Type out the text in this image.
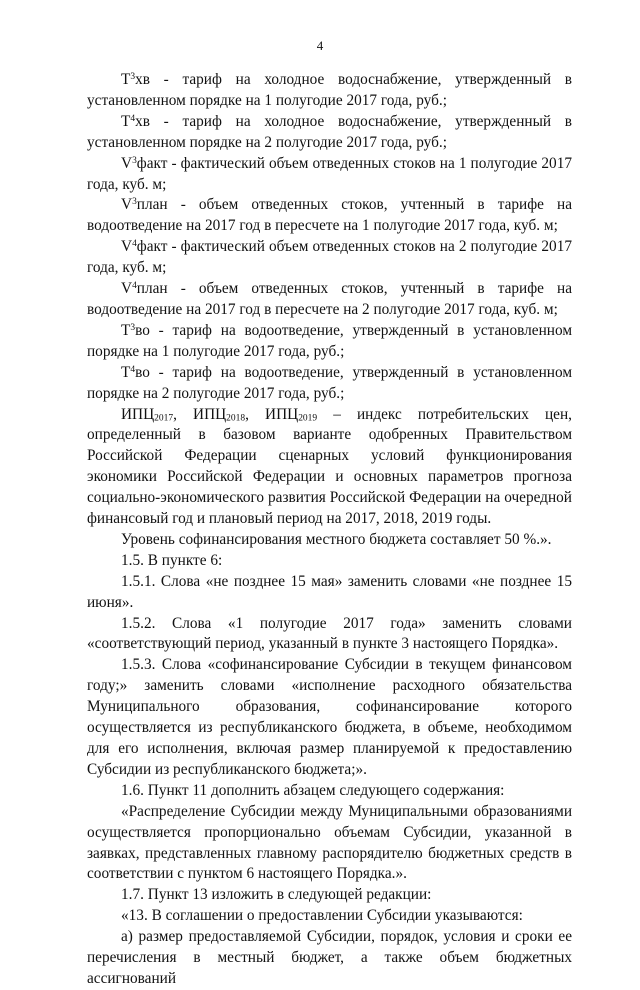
4

$T^3хв$ - тариф на холодное водоснабжение, утвержденный в установленном порядке на 1 полугодие 2017 года, руб.;

$T^4хв$ - тариф на холодное водоснабжение, утвержденный в установленном порядке на 2 полугодие 2017 года, руб.;

$V^3факт$ - фактический объем отведенных стоков на 1 полугодие 2017 года, куб. м;

$V^3план$ - объем отведенных стоков, учтенный в тарифе на водоотведение на 2017 год в пересчете на 1 полугодие 2017 года, куб. м;

$V^4факт$ - фактический объем отведенных стоков на 2 полугодие 2017 года, куб. м;

$V^4план$ - объем отведенных стоков, учтенный в тарифе на водоотведение на 2017 год в пересчете на 2 полугодие 2017 года, куб. м;

$T^3во$ - тариф на водоотведение, утвержденный в установленном порядке на 1 полугодие 2017 года, руб.;

$T^4во$ - тариф на водоотведение, утвержденный в установленном порядке на 2 полугодие 2017 года, руб.;

$ИПЦ_{2017}$, $ИПЦ_{2018}$, $ИПЦ_{2019}$ – индекс потребительских цен, определенный в базовом варианте одобренных Правительством Российской Федерации сценарных условий функционирования экономики Российской Федерации и основных параметров прогноза социально-экономического развития Российской Федерации на очередной финансовый год и плановый период на 2017, 2018, 2019 годы.

Уровень софинансирования местного бюджета составляет 50 %.».

1.5. В пункте 6:

1.5.1. Слова «не позднее 15 мая» заменить словами «не позднее 15 июня».

1.5.2. Слова «1 полугодие 2017 года» заменить словами «соответствующий период, указанный в пункте 3 настоящего Порядка».

1.5.3. Слова «софинансирование Субсидии в текущем финансовом году;» заменить словами «исполнение расходного обязательства Муниципального образования, софинансирование которого осуществляется из республиканского бюджета, в объеме, необходимом для его исполнения, включая размер планируемой к предоставлению Субсидии из республиканского бюджета;».

1.6. Пункт 11 дополнить абзацем следующего содержания:

«Распределение Субсидии между Муниципальными образованиями осуществляется пропорционально объемам Субсидии, указанной в заявках, представленных главному распорядителю бюджетных средств в соответствии с пунктом 6 настоящего Порядка.».

1.7. Пункт 13 изложить в следующей редакции:

«13. В соглашении о предоставлении Субсидии указываются:

а) размер предоставляемой Субсидии, порядок, условия и сроки ее перечисления в местный бюджет, а также объем бюджетных ассигнований
